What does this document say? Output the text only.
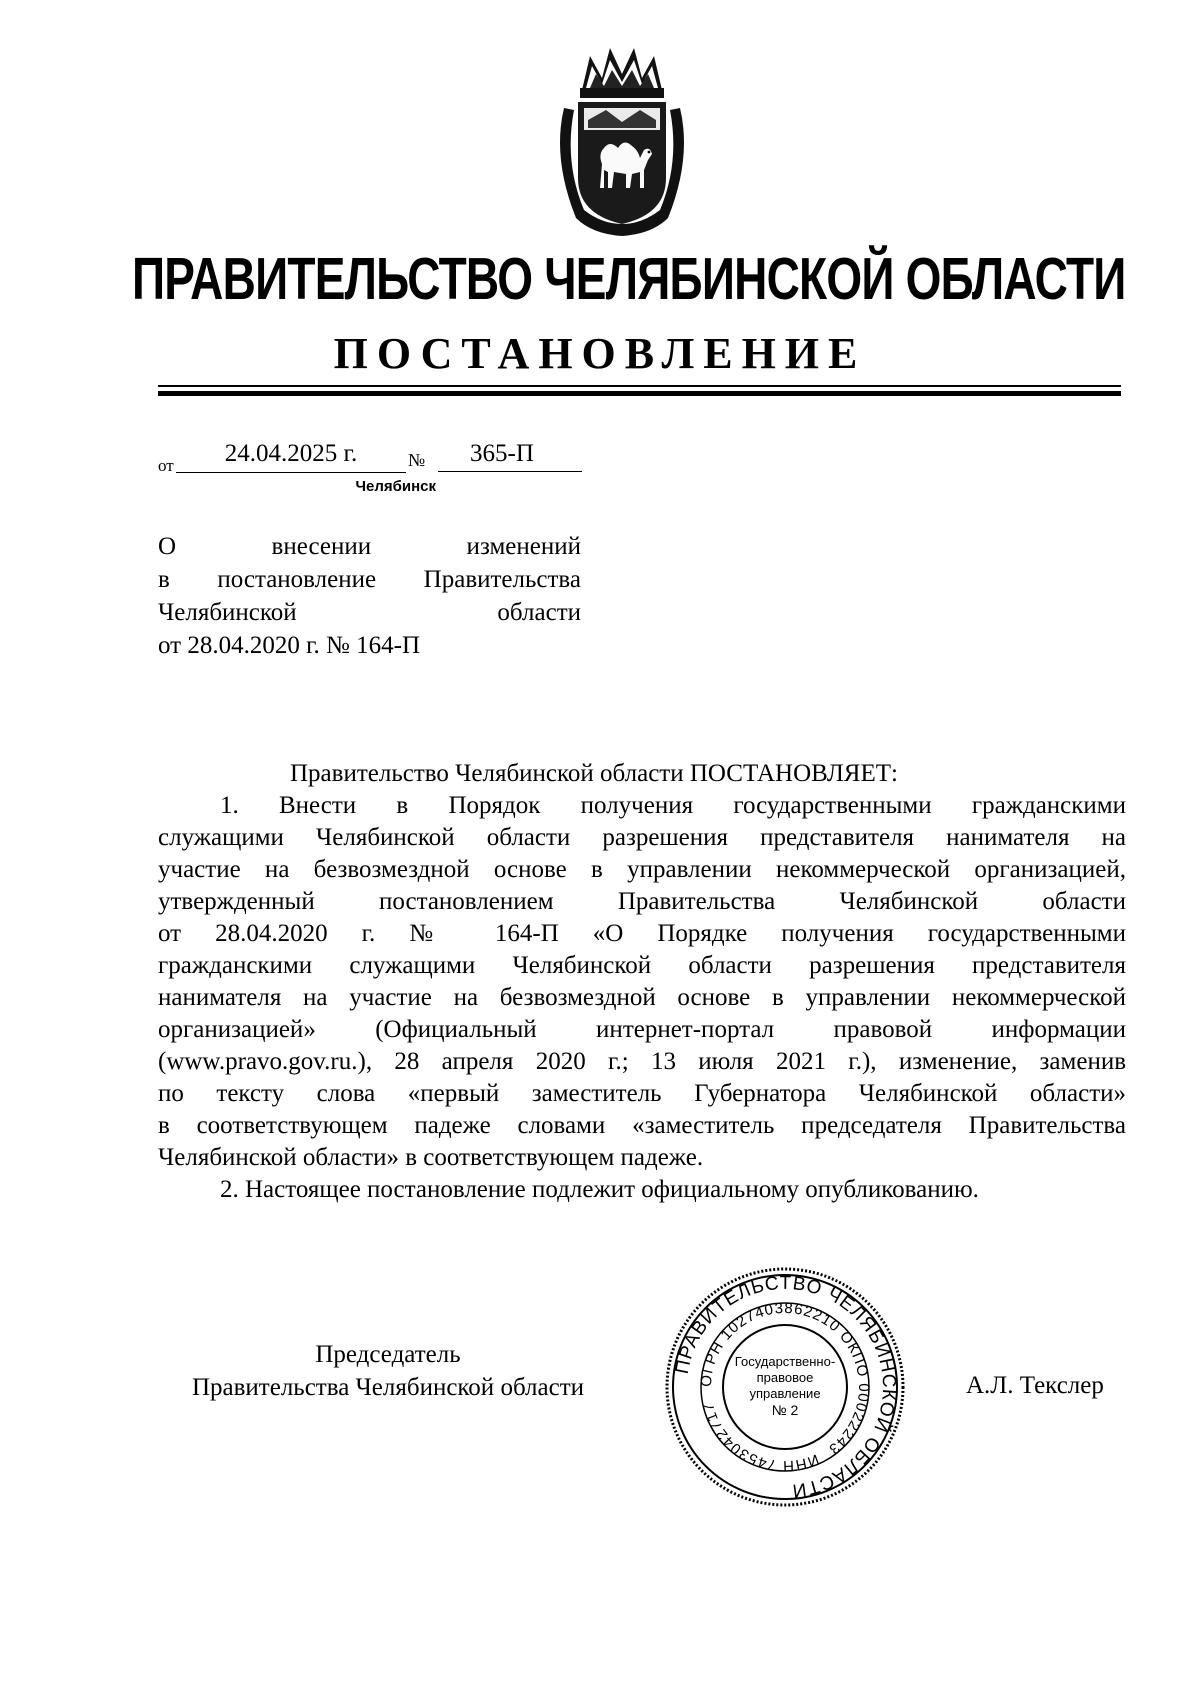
ПРАВИТЕЛЬСТВО ЧЕЛЯБИНСКОЙ ОБЛАСТИ
ПОСТАНОВЛЕНИЕ
от	24.04.2025 г.	№	365-П
Челябинск
О внесении изменений
в постановление Правительства
Челябинской области
от 28.04.2020 г. № 164-П
Правительство Челябинской области ПОСТАНОВЛЯЕТ:
1. Внести в Порядок получения государственными гражданскими
служащими Челябинской области разрешения представителя нанимателя на
участие на безвозмездной основе в управлении некоммерческой организацией,
утвержденный постановлением Правительства Челябинской области
от 28.04.2020 г. № 164-П «О Порядке получения государственными
гражданскими служащими Челябинской области разрешения представителя
нанимателя на участие на безвозмездной основе в управлении некоммерческой
организацией» (Официальный интернет-портал правовой информации
(www.pravo.gov.ru.), 28 апреля 2020 г.; 13 июля 2021 г.), изменение, заменив
по тексту слова «первый заместитель Губернатора Челябинской области»
в соответствующем падеже словами «заместитель председателя Правительства
Челябинской области» в соответствующем падеже.
2. Настоящее постановление подлежит официальному опубликованию.
Председатель
Правительства Челябинской области
ПРАВИТЕЛЬСТВО ЧЕЛЯБИНСКОЙ ОБЛАСТИ
ОГРН 1027403862210
ОКПО 00022243
ИНН 7453042717
Государственно-
правовое
управление
№ 2
А.Л. Текслер
